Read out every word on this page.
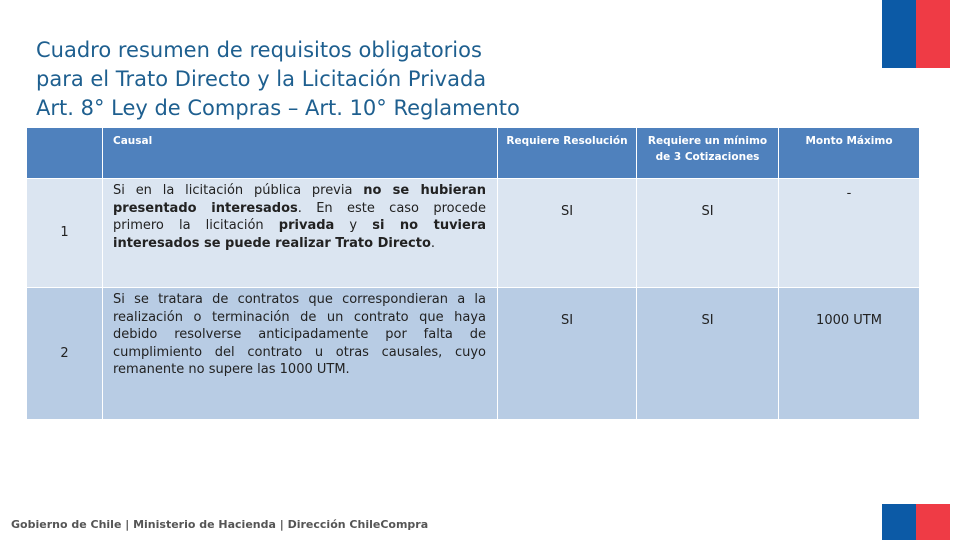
Cuadro resumen de requisitos obligatorios
para el Trato Directo y la Licitación Privada
Art. 8° Ley de Compras – Art. 10° Reglamento
	Causal	Requiere Resolución	Requiere un mínimo de 3 Cotizaciones	Monto Máximo
1	Si en la licitación pública previa no se hubieran presentado interesados. En este caso procede primero la licitación privada y si no tuviera interesados se puede realizar Trato Directo.	SI	SI	-
2	Si se tratara de contratos que correspondieran a la realización o terminación de un contrato que haya debido resolverse anticipadamente por falta de cumplimiento del contrato u otras causales, cuyo remanente no supere las 1000 UTM.	SI	SI	1000 UTM
Gobierno de Chile | Ministerio de Hacienda | Dirección ChileCompra
